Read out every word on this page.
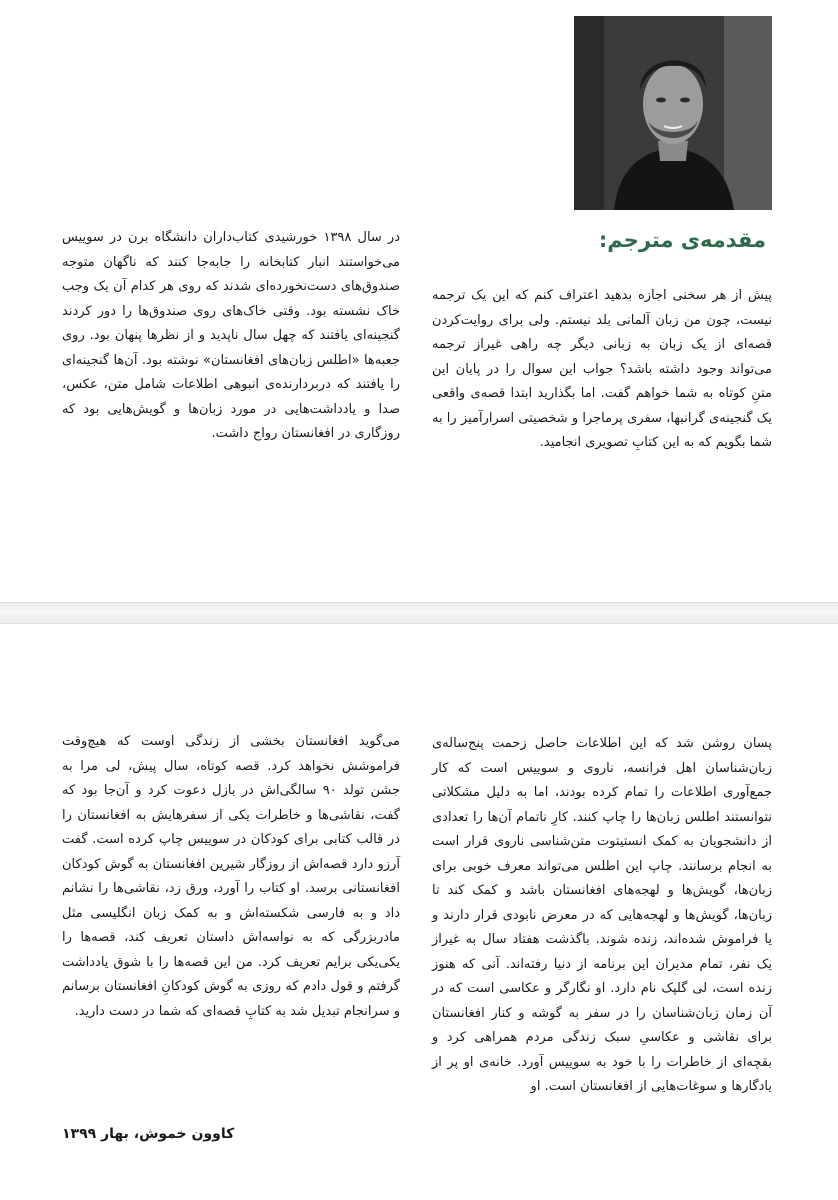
مقدمه‌ی مترجم:

پیش از هر سخنی اجازه بدهید اعتراف کنم که این یک ترجمه نیست، چون من زبان آلمانی بلد نیستم. ولی برای روایت‌کردن قصه‌ای از یک زبان به زبانی دیگر چه راهی غیراز ترجمه می‌تواند وجود داشته باشد؟ جواب این سوال را در پایان این متنِ کوتاه به شما خواهم گفت. اما بگذارید ابتدا قصه‌ی واقعی یک گنجینه‌ی گرانبها، سفری پرماجرا و شخصیتی اسرارآمیز را به شما بگویم که به این کتابِ تصویری انجامید.

در سال ۱۳۹۸ خورشیدی کتاب‌داران دانشگاه برن در سوییس می‌خواستند انبار کتابخانه را جابه‌جا کنند که ناگهان متوجه صندوق‌های دست‌نخورده‌ای شدند که روی هر کدام آن یک وجب خاک نشسته بود. وقتی خاک‌های روی صندوق‌ها را دور کردند گنجینه‌ای یافتند که چهل سال ناپدید و از نظرها پنهان بود. روی جعبه‌ها «اطلس زبان‌های افغانستان» نوشته بود. آن‌ها گنجینه‌ای را یافتند که دربردارنده‌ی انبوهی اطلاعات شامل متن، عکس، صدا و یادداشت‌هایی در مورد زبان‌ها و گویش‌هایی بود که روزگاری در افغانستان رواج داشت.

پسان روشن شد که این اطلاعات حاصل زحمت پنج‌ساله‌ی زبان‌شناسان اهل فرانسه، ناروی و سوییس است که کار جمع‌آوری اطلاعات را تمام کرده بودند، اما به دلیل مشکلاتی نتوانستند اطلس زبان‌ها را چاپ کنند. کارِ ناتمام آن‌ها را تعدادی از دانشجویان به کمک انستیتوت متن‌شناسی ناروی قرار است به انجام برسانند. چاپ این اطلس می‌تواند معرف خوبی برای زبان‌ها، گویش‌ها و لهجه‌های افغانستان باشد و کمک کند تا زبان‌ها، گویش‌ها و لهجه‌هایی که در معرض نابودی قرار دارند و یا فراموش شده‌اند، زنده شوند. باگذشت هفتاد سال به غیراز یک نفر، تمام مدیران این برنامه از دنیا رفته‌اند. آنی که هنوز زنده است، لی گلپک نام دارد. او نگارگر و عکاسی است که در آن زمان زبان‌شناسان را در سفر به گوشه و کنار افغانستان برای نقاشی و عکاسیِ سبک زندگی مردم همراهی کرد و بقچه‌ای از خاطرات را با خود به سوییس آورد. خانه‌ی او پر از یادگارها و سوغات‌هایی از افغانستان است. او

می‌گوید افغانستان بخشی از زندگی اوست که هیچ‌وقت فراموشش نخواهد کرد. قصه کوتاه، سال پیش، لی مرا به جشن تولد ۹۰ سالگی‌اش در بازل دعوت کرد و آن‌جا بود که گفت، نقاشی‌ها و خاطرات یکی از سفرهایش به افغانستان را در قالب کتابی برای کودکان در سوییس چاپ کرده است. گفت آرزو دارد قصه‌اش از روزگار شیرین افغانستان به گوش کودکان افغانستانی برسد. او کتاب را آورد، ورق زد، نقاشی‌ها را نشانم داد و به فارسی شکسته‌اش و به کمک زبان انگلیسی مثل مادربزرگی که به نواسه‌اش داستان تعریف کند، قصه‌ها را یکی‌یکی برایم تعریف کرد. من این قصه‌ها را با شوق یادداشت گرفتم و قول دادم که روزی به گوش کودکانِ افغانستان برسانم و سرانجام تبدیل شد به کتابِ قصه‌ای که شما در دست دارید.

کاوون خموش، بهار ۱۳۹۹
